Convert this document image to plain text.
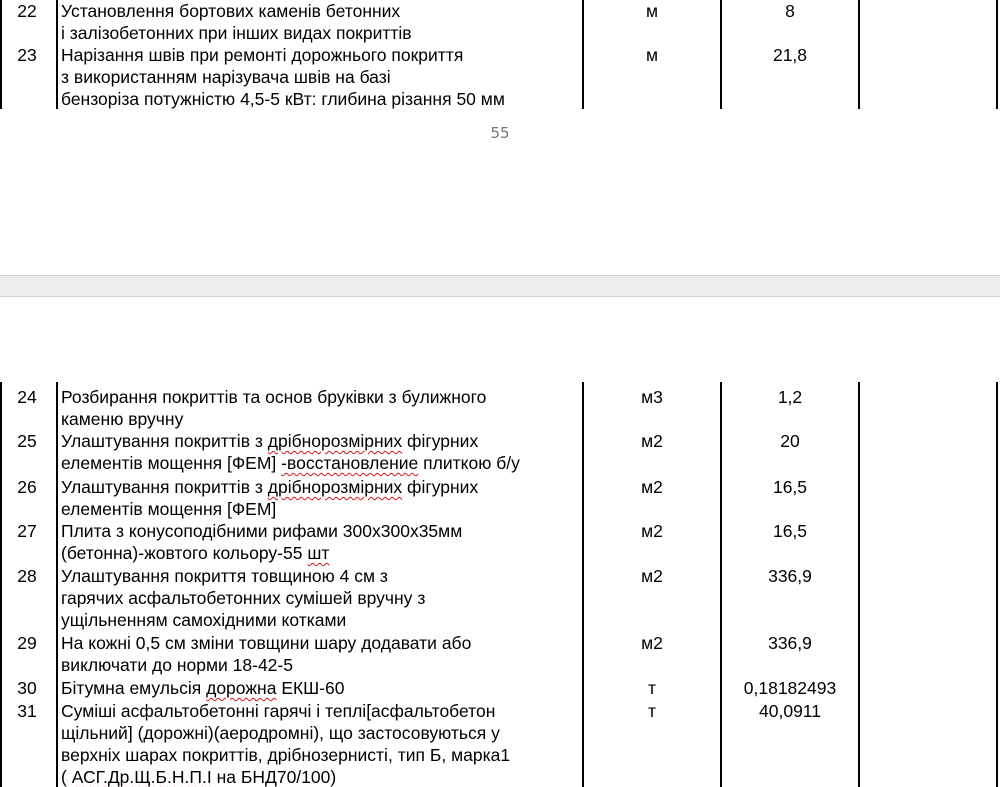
22	Установлення бортових каменів бетонних
і залізобетонних при інших видах покриттів
м	8
23	Нарізання швів при ремонті дорожнього покриття
з використанням нарізувача швів на базі
бензоріза потужністю 4,5-5 кВт: глибина різання 50 мм
м	21,8
55
24	Розбирання покриттів та основ бруківки з булижного
каменю вручну
м3	1,2
25	Улаштування покриттів з дрібнорозмірних фігурних
елементів мощення [ФЕМ] -восстановление плиткою б/у
м2	20
26	Улаштування покриттів з дрібнорозмірних фігурних
елементів мощення [ФЕМ]
м2	16,5
27	Плита з конусоподібними рифами 300х300х35мм
(бетонна)-жовтого кольору-55 шт
м2	16,5
28	Улаштування покриття товщиною 4 см з
гарячих асфальтобетонних сумішей вручну з
ущільненням самохідними котками
м2	336,9
29	На кожні 0,5 см зміни товщини шару додавати або
виключати до норми 18-42-5
м2	336,9
30	Бітумна емульсія дорожна ЕКШ-60	т	0,18182493
31	Суміші асфальтобетонні гарячі і теплі[асфальтобетон
щільний] (дорожні)(аеродромні), що застосовуються у
верхніх шарах покриттів, дрібнозернисті, тип Б, марка1
( АСГ.Др.Щ.Б.Н.П.І на БНД70/100)
т	40,0911
